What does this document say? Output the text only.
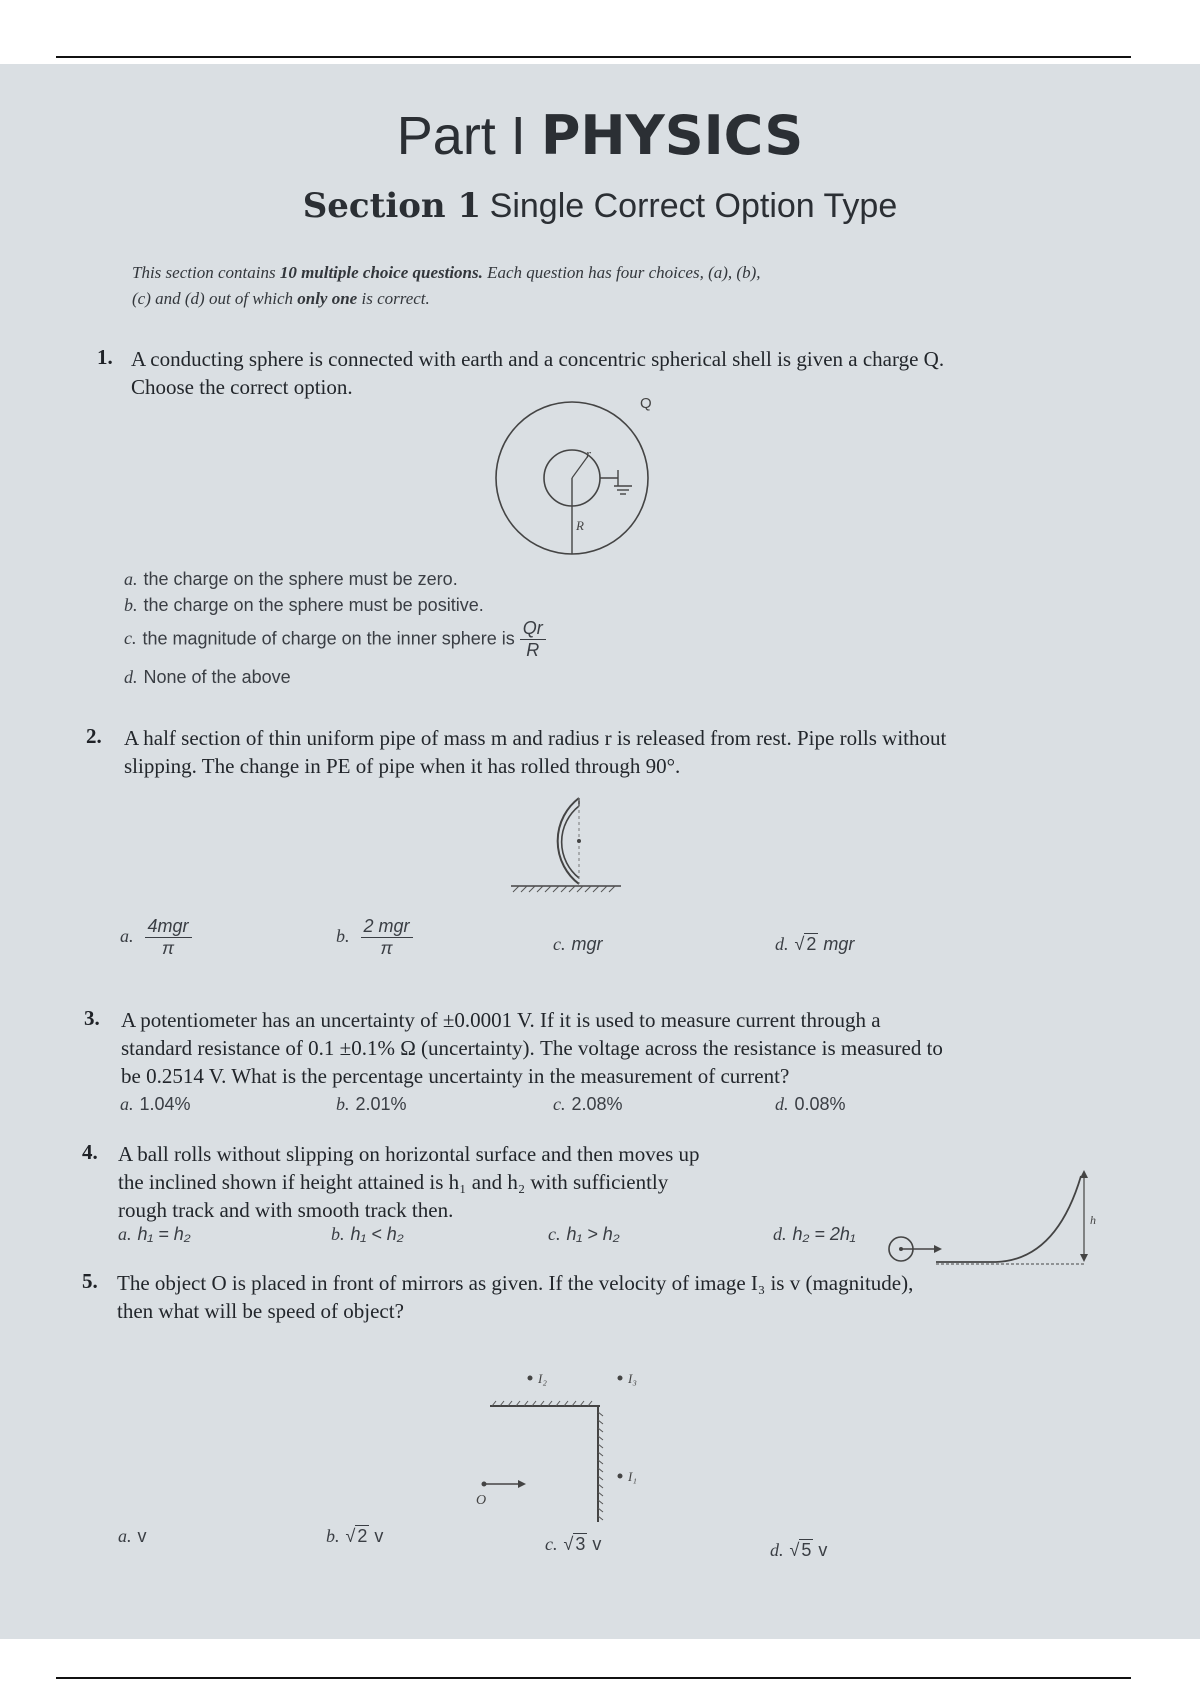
Part I PHYSICS
Section 1 Single Correct Option Type
This section contains 10 multiple choice questions. Each question has four choices, (a), (b),
(c) and (d) out of which only one is correct.
1. A conducting sphere is connected with earth and a concentric spherical shell is given a charge Q.
Choose the correct option.
Q
r
R
a. the charge on the sphere must be zero.
b. the charge on the sphere must be positive.
c. the magnitude of charge on the inner sphere is $\frac{Qr}{R}$
d. None of the above
2. A half section of thin uniform pipe of mass m and radius r is released from rest. Pipe rolls without
slipping. The change in PE of pipe when it has rolled through 90°.
a. $\frac{\text{4mgr}}{\pi}$	b. $\frac{\text{2 mgr}}{\pi}$	c. mgr	d. √ 2 mgr
3. A potentiometer has an uncertainty of ±0.0001 V. If it is used to measure current through a
standard resistance of 0.1 ±0.1% Ω (uncertainty). The voltage across the resistance is measured to
be 0.2514 V. What is the percentage uncertainty in the measurement of current?
a. 1.04%	b. 2.01%	c. 2.08%	d. 0.08%
4. A ball rolls without slipping on horizontal surface and then moves up
the inclined shown if height attained is h₁ and h₂ with sufficiently
rough track and with smooth track then.	h
a. h₁ = h₂	b. h₁ < h₂	c. h₁ > h₂	d. h₂ = 2h₁
5. The object O is placed in front of mirrors as given. If the velocity of image I₃ is v (magnitude),
then what will be speed of object?
I₂	I₃
I₁
O
a. v	b. √ 2 v	c. √ 3 v	d. √ 5 v
